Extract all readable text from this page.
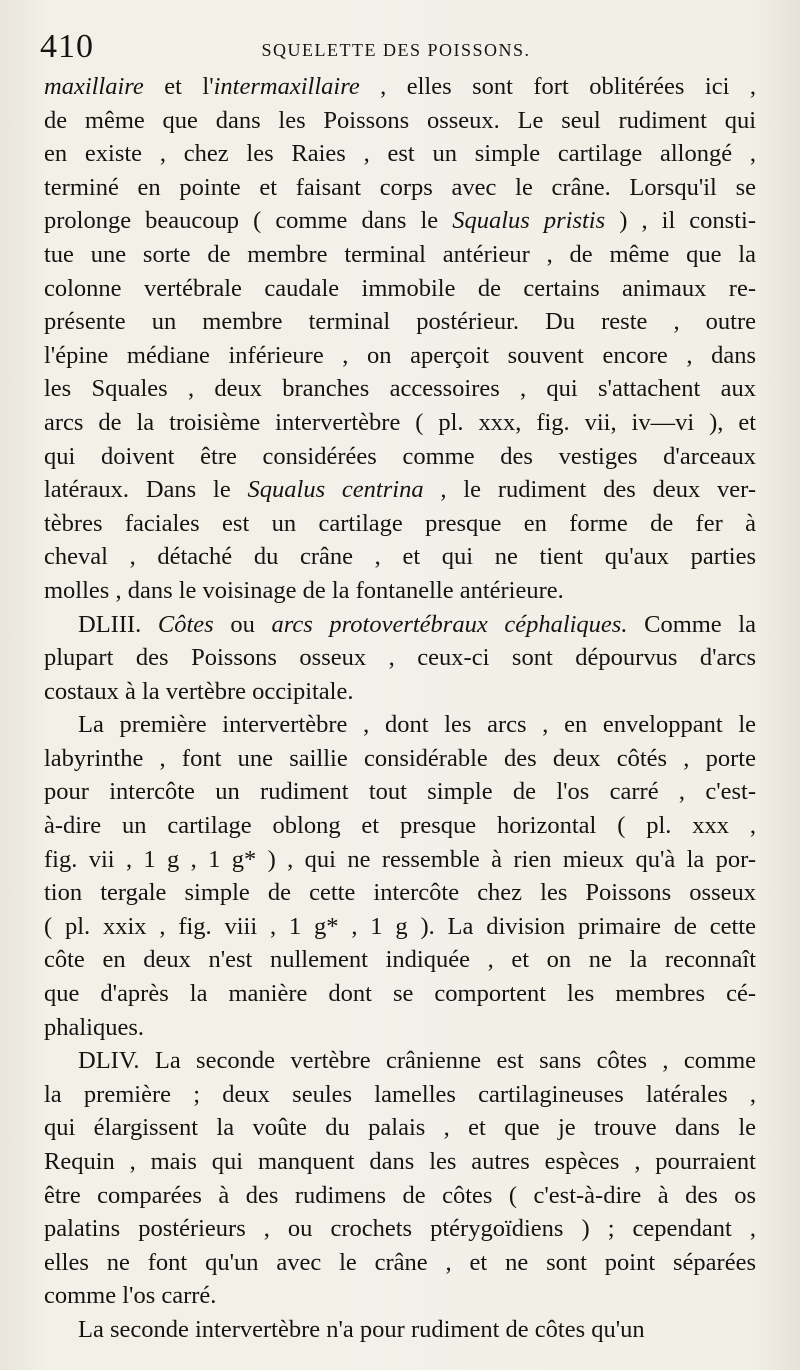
410	SQUELETTE DES POISSONS.
maxillaire et l'intermaxillaire , elles sont fort oblitérées ici ,
de même que dans les Poissons osseux. Le seul rudiment qui
en existe , chez les Raies , est un simple cartilage allongé ,
terminé en pointe et faisant corps avec le crâne. Lorsqu'il se
prolonge beaucoup ( comme dans le Squalus pristis ) , il consti-
tue une sorte de membre terminal antérieur , de même que la
colonne vertébrale caudale immobile de certains animaux re-
présente un membre terminal postérieur. Du reste , outre
l'épine médiane inférieure , on aperçoit souvent encore , dans
les Squales , deux branches accessoires , qui s'attachent aux
arcs de la troisième intervertèbre ( pl. xxx, fig. vii, iv—vi ), et
qui doivent être considérées comme des vestiges d'arceaux
latéraux. Dans le Squalus centrina , le rudiment des deux ver-
tèbres faciales est un cartilage presque en forme de fer à
cheval , détaché du crâne , et qui ne tient qu'aux parties
molles , dans le voisinage de la fontanelle antérieure.
DLIII. Côtes ou arcs protovertébraux céphaliques. Comme la
plupart des Poissons osseux , ceux-ci sont dépourvus d'arcs
costaux à la vertèbre occipitale.
La première intervertèbre , dont les arcs , en enveloppant le
labyrinthe , font une saillie considérable des deux côtés , porte
pour intercôte un rudiment tout simple de l'os carré , c'est-
à-dire un cartilage oblong et presque horizontal ( pl. xxx ,
fig. vii , 1 g , 1 g* ) , qui ne ressemble à rien mieux qu'à la por-
tion tergale simple de cette intercôte chez les Poissons osseux
( pl. xxix , fig. viii , 1 g* , 1 g ). La division primaire de cette
côte en deux n'est nullement indiquée , et on ne la reconnaît
que d'après la manière dont se comportent les membres cé-
phaliques.
DLIV. La seconde vertèbre crânienne est sans côtes , comme
la première ; deux seules lamelles cartilagineuses latérales ,
qui élargissent la voûte du palais , et que je trouve dans le
Requin , mais qui manquent dans les autres espèces , pourraient
être comparées à des rudimens de côtes ( c'est-à-dire à des os
palatins postérieurs , ou crochets ptérygoïdiens ) ; cependant ,
elles ne font qu'un avec le crâne , et ne sont point séparées
comme l'os carré.
La seconde intervertèbre n'a pour rudiment de côtes qu'un
